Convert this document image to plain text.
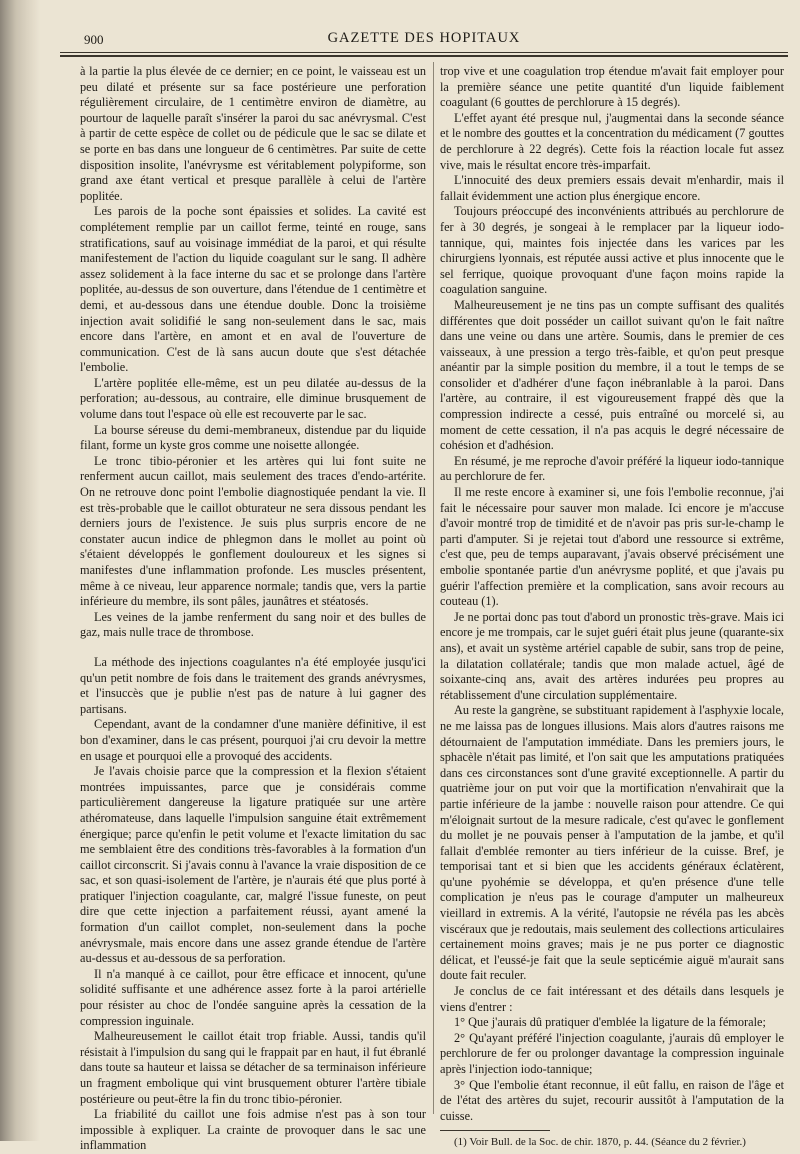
900	GAZETTE DES HOPITAUX

à la partie la plus élevée de ce dernier; en ce point, le vaisseau est un peu dilaté et présente sur sa face postérieure une perforation régulièrement circulaire, de 1 centimètre environ de diamètre, au pourtour de laquelle paraît s'insérer la paroi du sac anévrysmal. C'est à partir de cette espèce de collet ou de pédicule que le sac se dilate et se porte en bas dans une longueur de 6 centimètres. Par suite de cette disposition insolite, l'anévrysme est véritablement polypiforme, son grand axe étant vertical et presque parallèle à celui de l'artère poplitée.

Les parois de la poche sont épaissies et solides. La cavité est complétement remplie par un caillot ferme, teinté en rouge, sans stratifications, sauf au voisinage immédiat de la paroi, et qui résulte manifestement de l'action du liquide coagulant sur le sang. Il adhère assez solidement à la face interne du sac et se prolonge dans l'artère poplitée, au-dessus de son ouverture, dans l'étendue de 1 centimètre et demi, et au-dessous dans une étendue double. Donc la troisième injection avait solidifié le sang non-seulement dans le sac, mais encore dans l'artère, en amont et en aval de l'ouverture de communication. C'est de là sans aucun doute que s'est détachée l'embolie.

L'artère poplitée elle-même, est un peu dilatée au-dessus de la perforation; au-dessous, au contraire, elle diminue brusquement de volume dans tout l'espace où elle est recouverte par le sac.

La bourse séreuse du demi-membraneux, distendue par du liquide filant, forme un kyste gros comme une noisette allongée.

Le tronc tibio-péronier et les artères qui lui font suite ne renferment aucun caillot, mais seulement des traces d'endo-artérite. On ne retrouve donc point l'embolie diagnostiquée pendant la vie. Il est très-probable que le caillot obturateur ne sera dissous pendant les derniers jours de l'existence. Je suis plus surpris encore de ne constater aucun indice de phlegmon dans le mollet au point où s'étaient développés le gonflement douloureux et les signes si manifestes d'une inflammation profonde. Les muscles présentent, même à ce niveau, leur apparence normale; tandis que, vers la partie inférieure du membre, ils sont pâles, jaunâtres et stéatosés.

Les veines de la jambe renferment du sang noir et des bulles de gaz, mais nulle trace de thrombose.

La méthode des injections coagulantes n'a été employée jusqu'ici qu'un petit nombre de fois dans le traitement des grands anévrysmes, et l'insuccès que je publie n'est pas de nature à lui gagner des partisans.

Cependant, avant de la condamner d'une manière définitive, il est bon d'examiner, dans le cas présent, pourquoi j'ai cru devoir la mettre en usage et pourquoi elle a provoqué des accidents.

Je l'avais choisie parce que la compression et la flexion s'étaient montrées impuissantes, parce que je considérais comme particulièrement dangereuse la ligature pratiquée sur une artère athéromateuse, dans laquelle l'impulsion sanguine était extrêmement énergique; parce qu'enfin le petit volume et l'exacte limitation du sac me semblaient être des conditions très-favorables à la formation d'un caillot circonscrit. Si j'avais connu à l'avance la vraie disposition de ce sac, et son quasi-isolement de l'artère, je n'aurais été que plus porté à pratiquer l'injection coagulante, car, malgré l'issue funeste, on peut dire que cette injection a parfaitement réussi, ayant amené la formation d'un caillot complet, non-seulement dans la poche anévrysmale, mais encore dans une assez grande étendue de l'artère au-dessus et au-dessous de sa perforation.

Il n'a manqué à ce caillot, pour être efficace et innocent, qu'une solidité suffisante et une adhérence assez forte à la paroi artérielle pour résister au choc de l'ondée sanguine après la cessation de la compression inguinale.

Malheureusement le caillot était trop friable. Aussi, tandis qu'il résistait à l'impulsion du sang qui le frappait par en haut, il fut ébranlé dans toute sa hauteur et laissa se détacher de sa terminaison inférieure un fragment embolique qui vint brusquement obturer l'artère tibiale postérieure ou peut-être la fin du tronc tibio-péronier.

La friabilité du caillot une fois admise n'est pas à son tour impossible à expliquer. La crainte de provoquer dans le sac une inflammation

trop vive et une coagulation trop étendue m'avait fait employer pour la première séance une petite quantité d'un liquide faiblement coagulant (6 gouttes de perchlorure à 15 degrés).

L'effet ayant été presque nul, j'augmentai dans la seconde séance et le nombre des gouttes et la concentration du médicament (7 gouttes de perchlorure à 22 degrés). Cette fois la réaction locale fut assez vive, mais le résultat encore très-imparfait.

L'innocuité des deux premiers essais devait m'enhardir, mais il fallait évidemment une action plus énergique encore.

Toujours préoccupé des inconvénients attribués au perchlorure de fer à 30 degrés, je songeai à le remplacer par la liqueur iodo-tannique, qui, maintes fois injectée dans les varices par les chirurgiens lyonnais, est réputée aussi active et plus innocente que le sel ferrique, quoique provoquant d'une façon moins rapide la coagulation sanguine.

Malheureusement je ne tins pas un compte suffisant des qualités différentes que doit posséder un caillot suivant qu'on le fait naître dans une veine ou dans une artère. Soumis, dans le premier de ces vaisseaux, à une pression a tergo très-faible, et qu'on peut presque anéantir par la simple position du membre, il a tout le temps de se consolider et d'adhérer d'une façon inébranlable à la paroi. Dans l'artère, au contraire, il est vigoureusement frappé dès que la compression indirecte a cessé, puis entraîné ou morcelé si, au moment de cette cessation, il n'a pas acquis le degré nécessaire de cohésion et d'adhésion.

En résumé, je me reproche d'avoir préféré la liqueur iodo-tannique au perchlorure de fer.

Il me reste encore à examiner si, une fois l'embolie reconnue, j'ai fait le nécessaire pour sauver mon malade. Ici encore je m'accuse d'avoir montré trop de timidité et de n'avoir pas pris sur-le-champ le parti d'amputer. Si je rejetai tout d'abord une ressource si extrême, c'est que, peu de temps auparavant, j'avais observé précisément une embolie spontanée partie d'un anévrysme poplité, et que j'avais pu guérir l'affection première et la complication, sans avoir recours au couteau (1).

Je ne portai donc pas tout d'abord un pronostic très-grave. Mais ici encore je me trompais, car le sujet guéri était plus jeune (quarante-six ans), et avait un système artériel capable de subir, sans trop de peine, la dilatation collatérale; tandis que mon malade actuel, âgé de soixante-cinq ans, avait des artères indurées peu propres au rétablissement d'une circulation supplémentaire.

Au reste la gangrène, se substituant rapidement à l'asphyxie locale, ne me laissa pas de longues illusions. Mais alors d'autres raisons me détournaient de l'amputation immédiate. Dans les premiers jours, le sphacèle n'était pas limité, et l'on sait que les amputations pratiquées dans ces circonstances sont d'une gravité exceptionnelle. A partir du quatrième jour on put voir que la mortification n'envahirait que la partie inférieure de la jambe : nouvelle raison pour attendre. Ce qui m'éloignait surtout de la mesure radicale, c'est qu'avec le gonflement du mollet je ne pouvais penser à l'amputation de la jambe, et qu'il fallait d'emblée remonter au tiers inférieur de la cuisse. Bref, je temporisai tant et si bien que les accidents généraux éclatèrent, qu'une pyohémie se développa, et qu'en présence d'une telle complication je n'eus pas le courage d'amputer un malheureux vieillard in extremis. A la vérité, l'autopsie ne révéla pas les abcès viscéraux que je redoutais, mais seulement des collections articulaires certainement moins graves; mais je ne pus porter ce diagnostic délicat, et l'eussé-je fait que la seule septicémie aiguë m'aurait sans doute fait reculer.

Je conclus de ce fait intéressant et des détails dans lesquels je viens d'entrer :

1° Que j'aurais dû pratiquer d'emblée la ligature de la fémorale;

2° Qu'ayant préféré l'injection coagulante, j'aurais dû employer le perchlorure de fer ou prolonger davantage la compression inguinale après l'injection iodo-tannique;

3° Que l'embolie étant reconnue, il eût fallu, en raison de l'âge et de l'état des artères du sujet, recourir aussitôt à l'amputation de la cuisse.

(1) Voir Bull. de la Soc. de chir. 1870, p. 44. (Séance du 2 février.)
